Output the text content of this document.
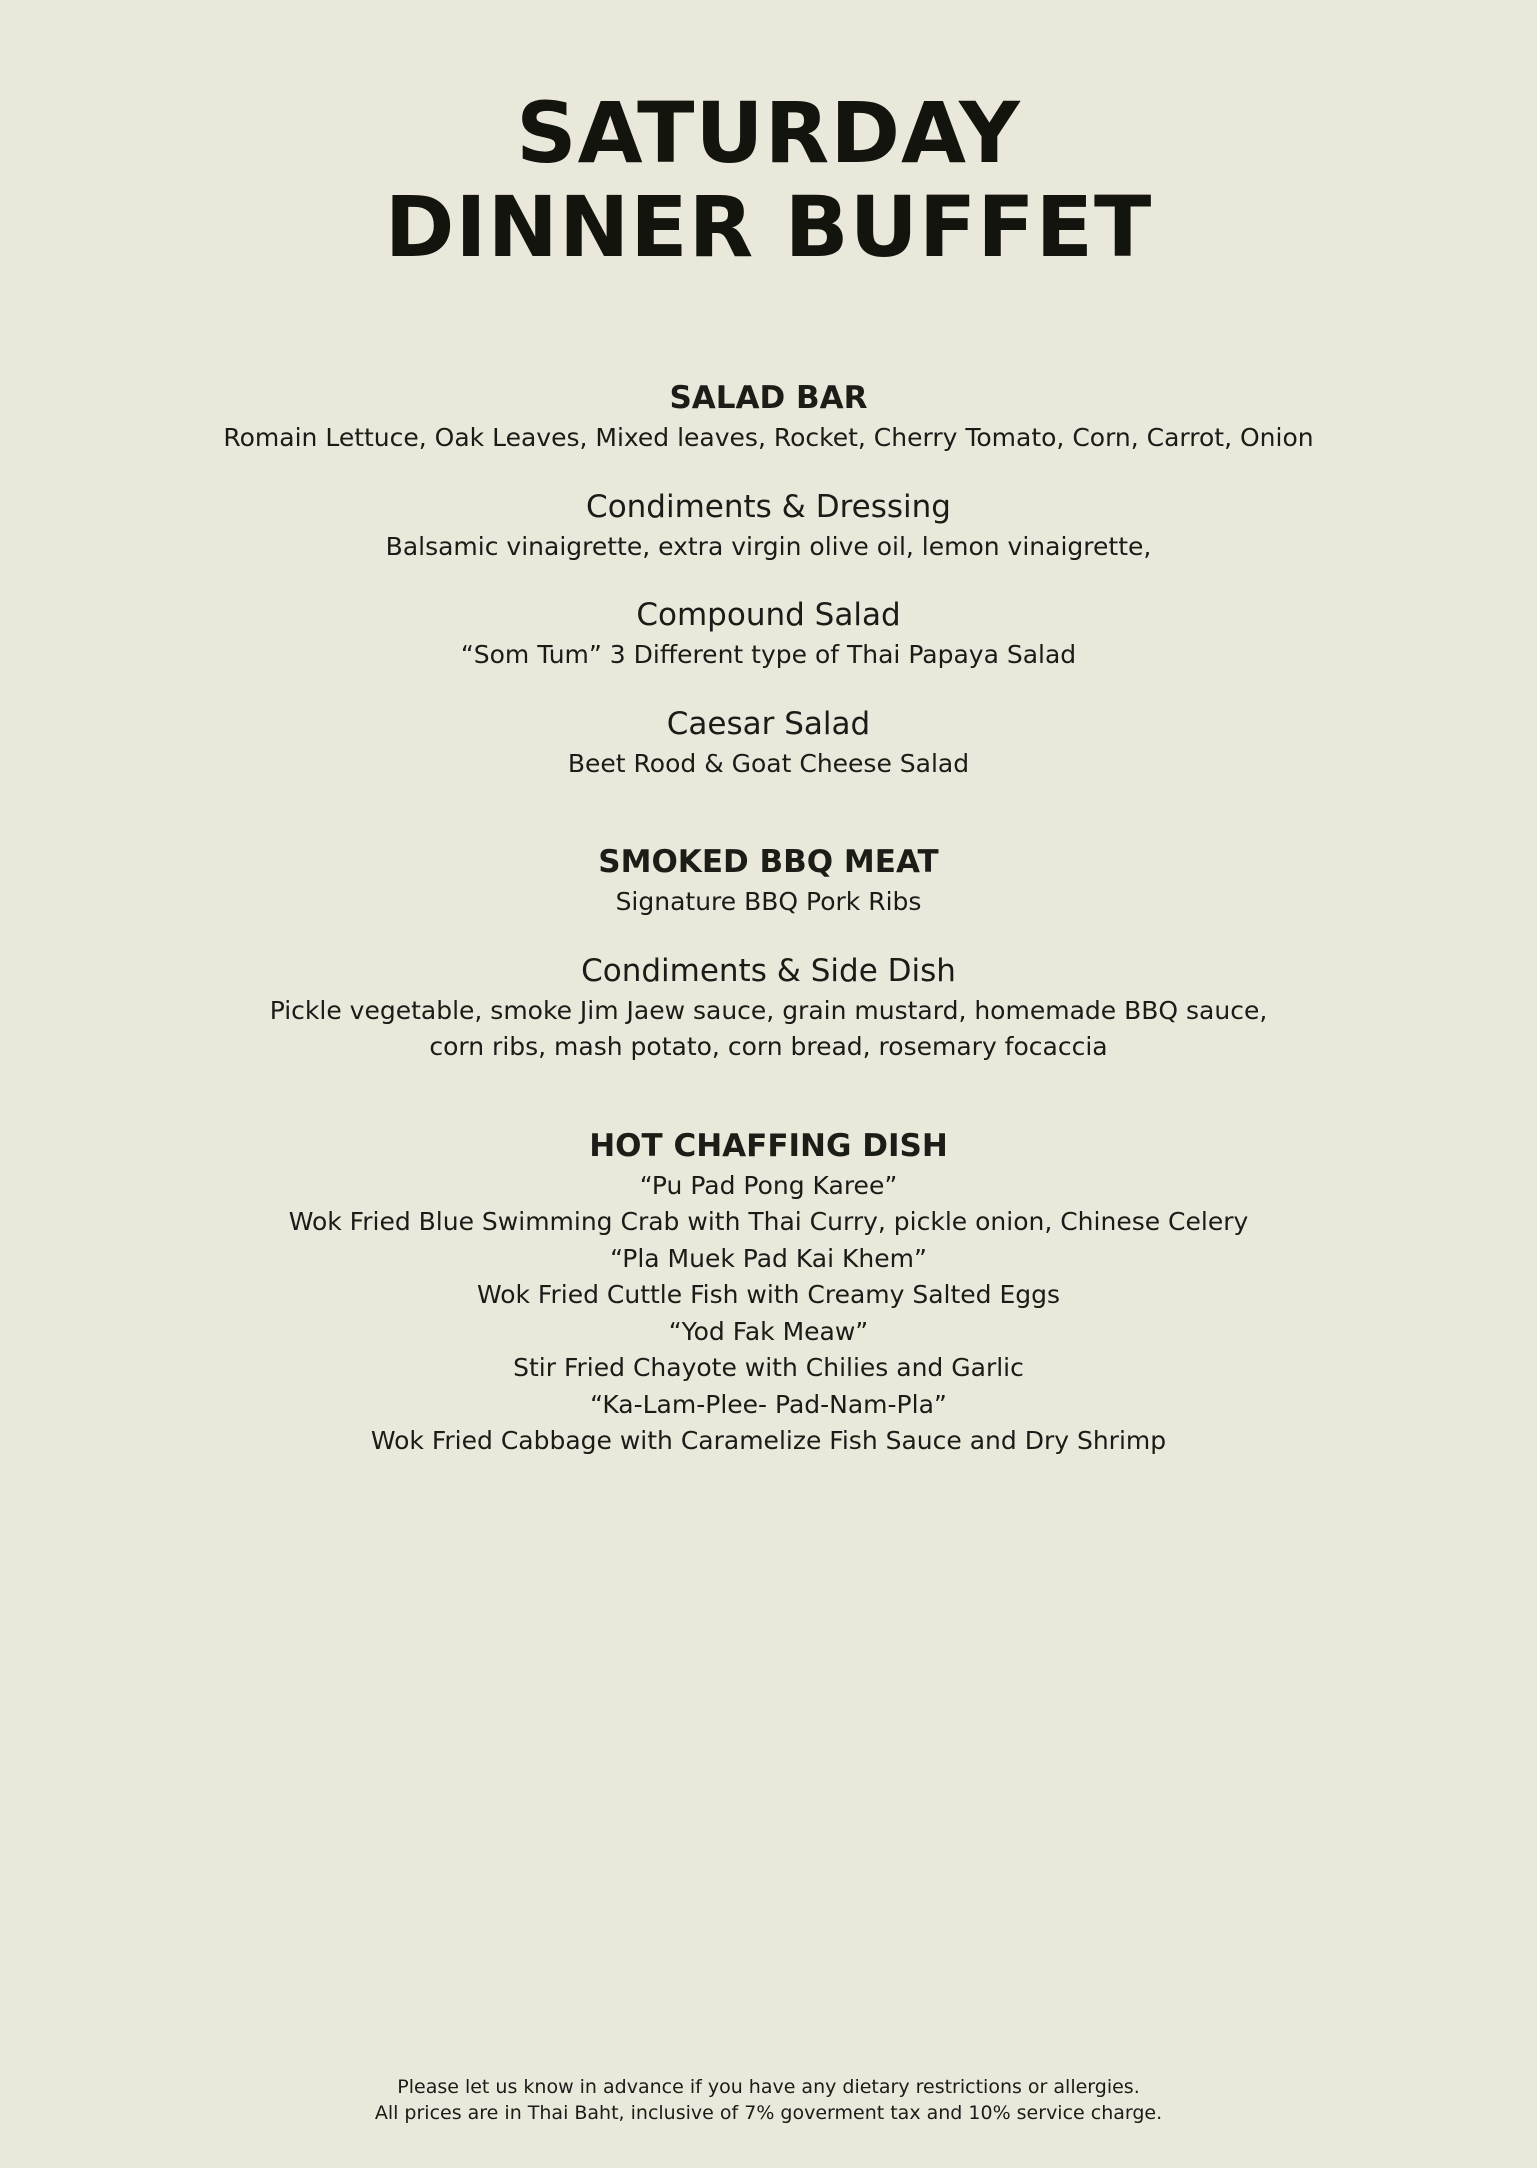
SATURDAY
DINNER BUFFET
SALAD BAR

Romain Lettuce, Oak Leaves, Mixed leaves, Rocket, Cherry Tomato, Corn, Carrot, Onion

Condiments & Dressing

Balsamic vinaigrette, extra virgin olive oil, lemon vinaigrette,

Compound Salad

“Som Tum” 3 Different type of Thai Papaya Salad

Caesar Salad

Beet Rood & Goat Cheese Salad

SMOKED BBQ MEAT

Signature BBQ Pork Ribs

Condiments & Side Dish

Pickle vegetable, smoke Jim Jaew sauce, grain mustard, homemade BBQ sauce,

corn ribs, mash potato, corn bread, rosemary focaccia

HOT CHAFFING DISH

“Pu Pad Pong Karee”

Wok Fried Blue Swimming Crab with Thai Curry, pickle onion, Chinese Celery

“Pla Muek Pad Kai Khem”

Wok Fried Cuttle Fish with Creamy Salted Eggs

“Yod Fak Meaw”

Stir Fried Chayote with Chilies and Garlic

“Ka-Lam-Plee- Pad-Nam-Pla”

Wok Fried Cabbage with Caramelize Fish Sauce and Dry Shrimp

Please let us know in advance if you have any dietary restrictions or allergies.

All prices are in Thai Baht, inclusive of 7% goverment tax and 10% service charge.
